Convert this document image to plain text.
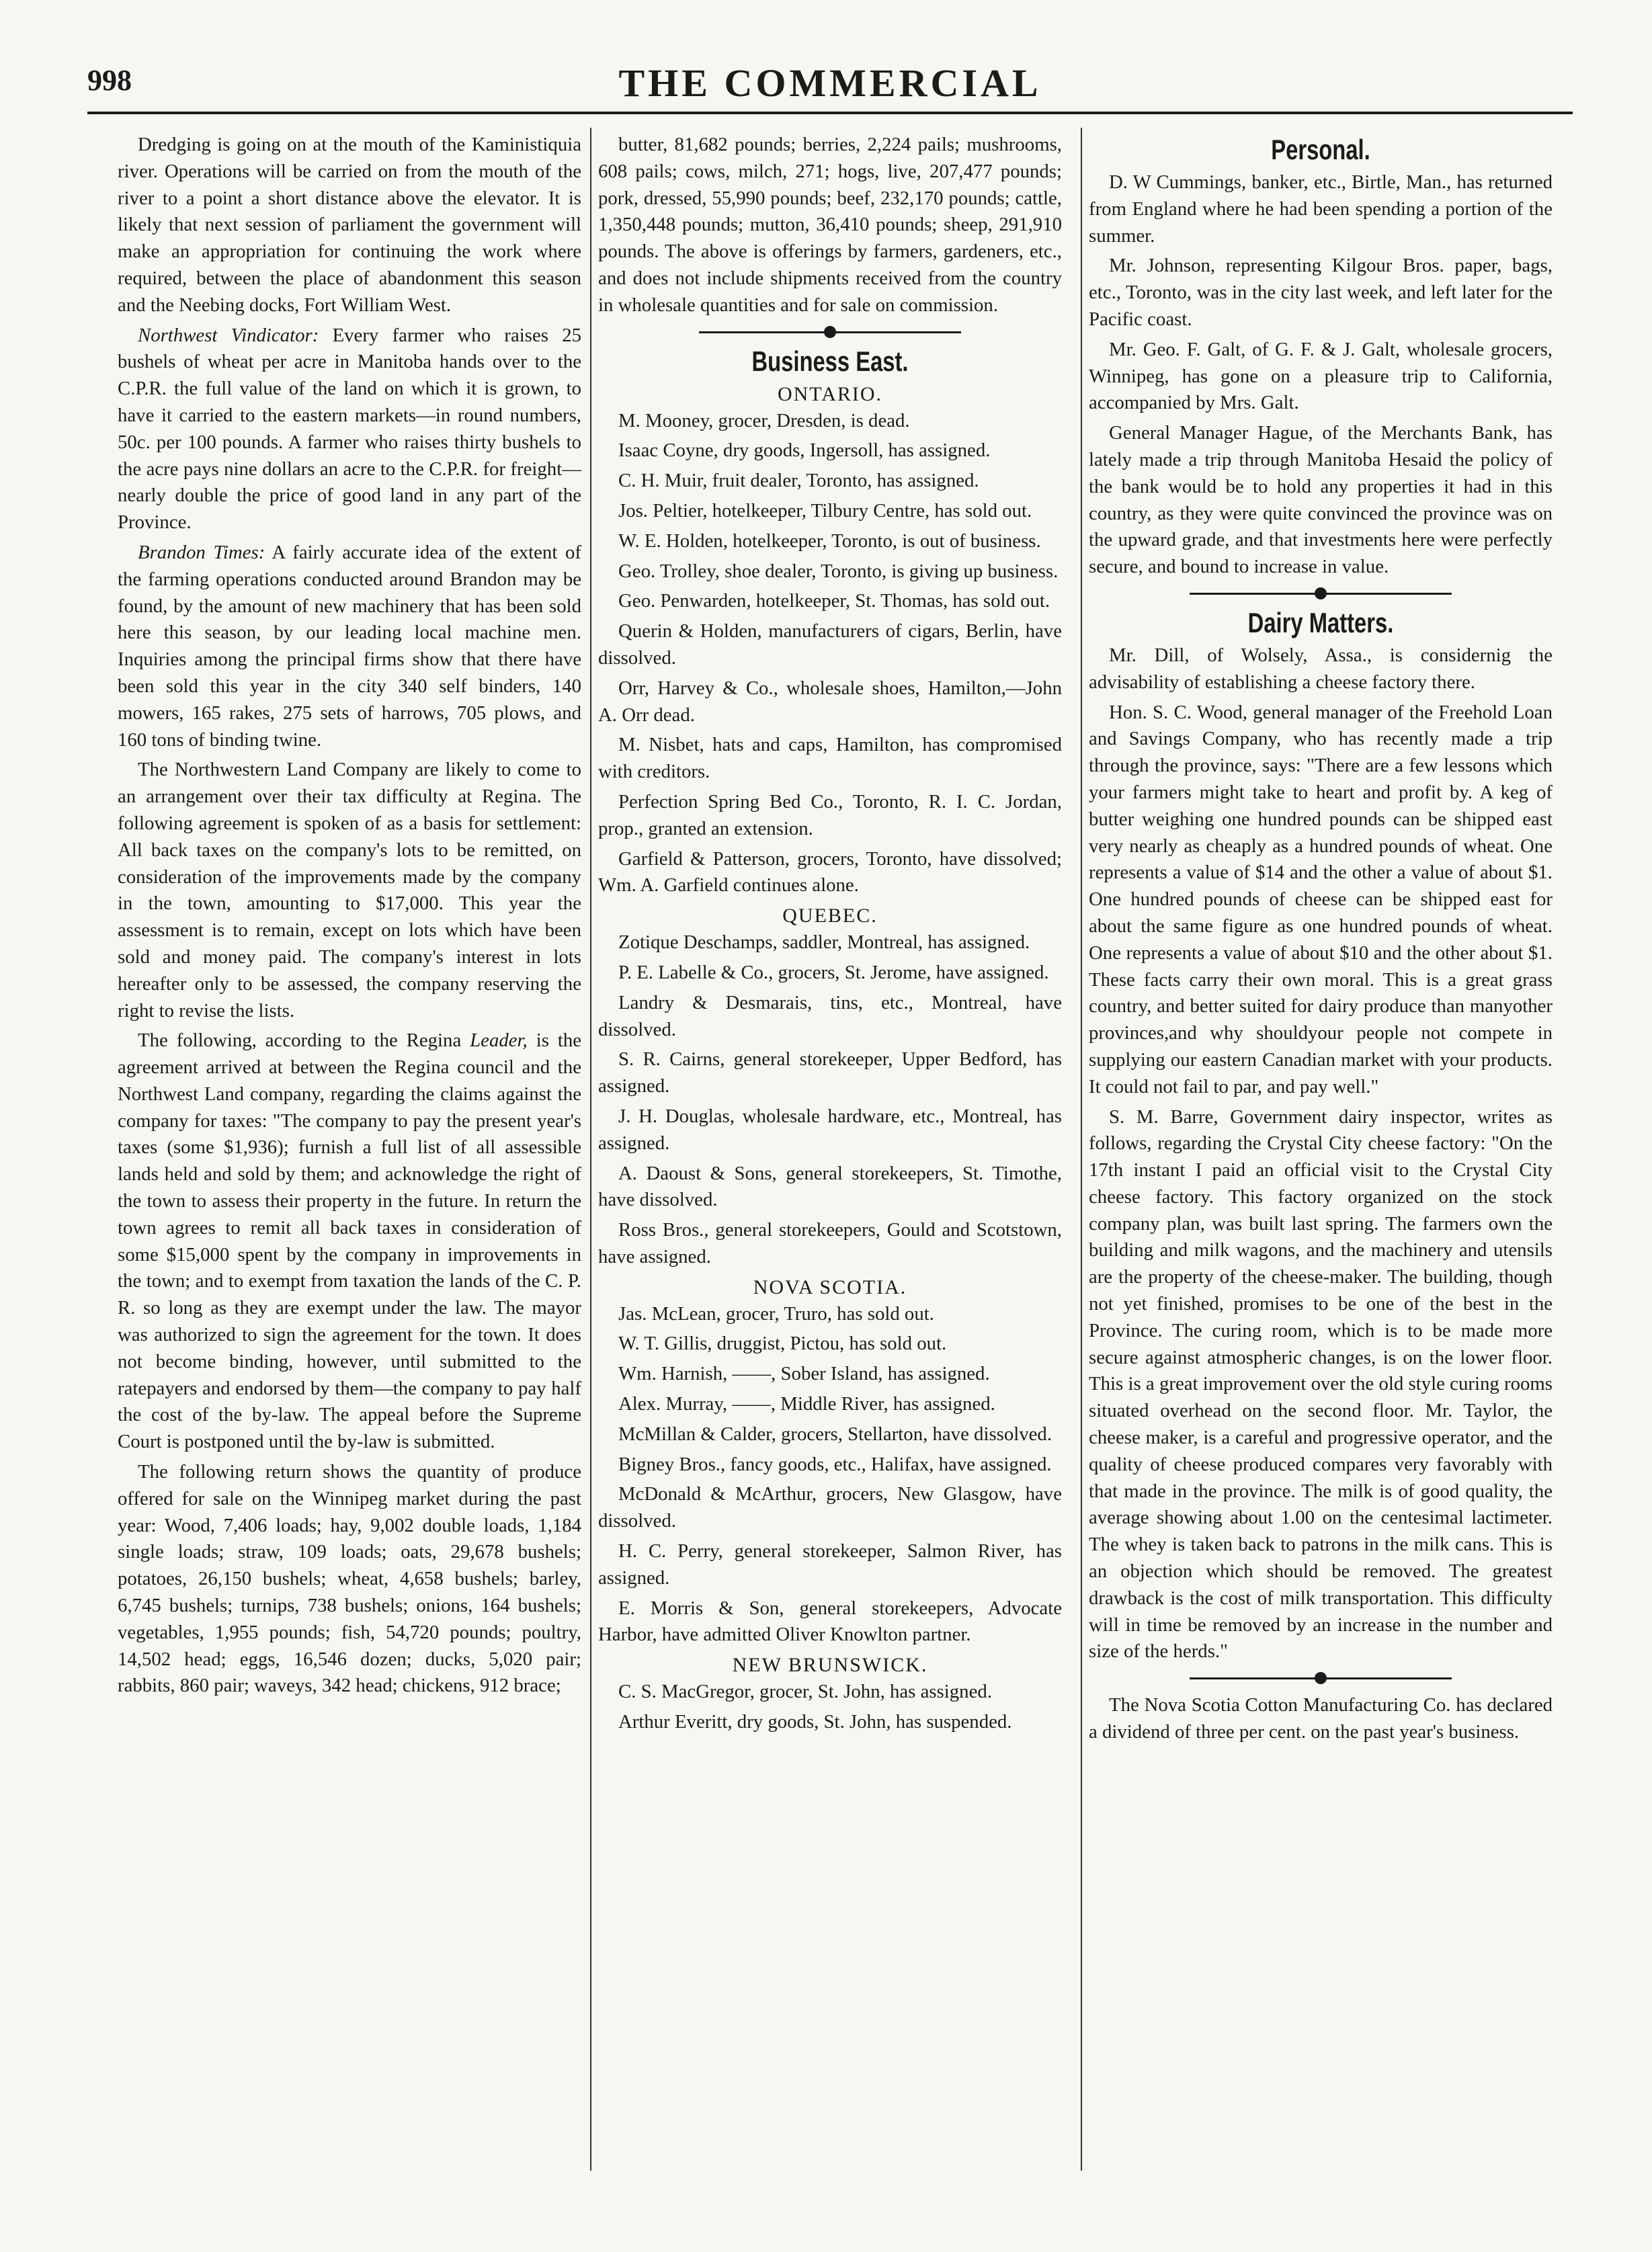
998	THE COMMERCIAL

Dredging is going on at the mouth of the Kaministiquia river. Operations will be carried on from the mouth of the river to a point a short distance above the elevator. It is likely that next session of parliament the government will make an appropriation for continuing the work where required, between the place of abandonment this season and the Neebing docks, Fort William West.

Northwest Vindicator: Every farmer who raises 25 bushels of wheat per acre in Manitoba hands over to the C.P.R. the full value of the land on which it is grown, to have it carried to the eastern markets—in round numbers, 50c. per 100 pounds. A farmer who raises thirty bushels to the acre pays nine dollars an acre to the C.P.R. for freight—nearly double the price of good land in any part of the Province.

Brandon Times: A fairly accurate idea of the extent of the farming operations conducted around Brandon may be found, by the amount of new machinery that has been sold here this season, by our leading local machine men. Inquiries among the principal firms show that there have been sold this year in the city 340 self binders, 140 mowers, 165 rakes, 275 sets of harrows, 705 plows, and 160 tons of binding twine.

The Northwestern Land Company are likely to come to an arrangement over their tax difficulty at Regina. The following agreement is spoken of as a basis for settlement: All back taxes on the company's lots to be remitted, on consideration of the improvements made by the company in the town, amounting to $17,000. This year the assessment is to remain, except on lots which have been sold and money paid. The company's interest in lots hereafter only to be assessed, the company reserving the right to revise the lists.

The following, according to the Regina Leader, is the agreement arrived at between the Regina council and the Northwest Land company, regarding the claims against the company for taxes: "The company to pay the present year's taxes (some $1,936); furnish a full list of all assessible lands held and sold by them; and acknowledge the right of the town to assess their property in the future. In return the town agrees to remit all back taxes in consideration of some $15,000 spent by the company in improvements in the town; and to exempt from taxation the lands of the C. P. R. so long as they are exempt under the law. The mayor was authorized to sign the agreement for the town. It does not become binding, however, until submitted to the ratepayers and endorsed by them—the company to pay half the cost of the by-law. The appeal before the Supreme Court is postponed until the by-law is submitted.

The following return shows the quantity of produce offered for sale on the Winnipeg market during the past year: Wood, 7,406 loads; hay, 9,002 double loads, 1,184 single loads; straw, 109 loads; oats, 29,678 bushels; potatoes, 26,150 bushels; wheat, 4,658 bushels; barley, 6,745 bushels; turnips, 738 bushels; onions, 164 bushels; vegetables, 1,955 pounds; fish, 54,720 pounds; poultry, 14,502 head; eggs, 16,546 dozen; ducks, 5,020 pair; rabbits, 860 pair; waveys, 342 head; chickens, 912 brace;

butter, 81,682 pounds; berries, 2,224 pails; mushrooms, 608 pails; cows, milch, 271; hogs, live, 207,477 pounds; pork, dressed, 55,990 pounds; beef, 232,170 pounds; cattle, 1,350,448 pounds; mutton, 36,410 pounds; sheep, 291,910 pounds. The above is offerings by farmers, gardeners, etc., and does not include shipments received from the country in wholesale quantities and for sale on commission.

Business East.
ONTARIO.

M. Mooney, grocer, Dresden, is dead.

Isaac Coyne, dry goods, Ingersoll, has assigned.

C. H. Muir, fruit dealer, Toronto, has assigned.

Jos. Peltier, hotelkeeper, Tilbury Centre, has sold out.

W. E. Holden, hotelkeeper, Toronto, is out of business.

Geo. Trolley, shoe dealer, Toronto, is giving up business.

Geo. Penwarden, hotelkeeper, St. Thomas, has sold out.

Querin & Holden, manufacturers of cigars, Berlin, have dissolved.

Orr, Harvey & Co., wholesale shoes, Hamilton,—John A. Orr dead.

M. Nisbet, hats and caps, Hamilton, has compromised with creditors.

Perfection Spring Bed Co., Toronto, R. I. C. Jordan, prop., granted an extension.

Garfield & Patterson, grocers, Toronto, have dissolved; Wm. A. Garfield continues alone.

QUEBEC.

Zotique Deschamps, saddler, Montreal, has assigned.

P. E. Labelle & Co., grocers, St. Jerome, have assigned.

Landry & Desmarais, tins, etc., Montreal, have dissolved.

S. R. Cairns, general storekeeper, Upper Bedford, has assigned.

J. H. Douglas, wholesale hardware, etc., Montreal, has assigned.

A. Daoust & Sons, general storekeepers, St. Timothe, have dissolved.

Ross Bros., general storekeepers, Gould and Scotstown, have assigned.

NOVA SCOTIA.

Jas. McLean, grocer, Truro, has sold out.

W. T. Gillis, druggist, Pictou, has sold out.

Wm. Harnish, ——, Sober Island, has assigned.

Alex. Murray, ——, Middle River, has assigned.

McMillan & Calder, grocers, Stellarton, have dissolved.

Bigney Bros., fancy goods, etc., Halifax, have assigned.

McDonald & McArthur, grocers, New Glasgow, have dissolved.

H. C. Perry, general storekeeper, Salmon River, has assigned.

E. Morris & Son, general storekeepers, Advocate Harbor, have admitted Oliver Knowlton partner.

NEW BRUNSWICK.

C. S. MacGregor, grocer, St. John, has assigned.

Arthur Everitt, dry goods, St. John, has suspended.

Personal.

D. W Cummings, banker, etc., Birtle, Man., has returned from England where he had been spending a portion of the summer.

Mr. Johnson, representing Kilgour Bros. paper, bags, etc., Toronto, was in the city last week, and left later for the Pacific coast.

Mr. Geo. F. Galt, of G. F. & J. Galt, wholesale grocers, Winnipeg, has gone on a pleasure trip to California, accompanied by Mrs. Galt.

General Manager Hague, of the Merchants Bank, has lately made a trip through Manitoba Hesaid the policy of the bank would be to hold any properties it had in this country, as they were quite convinced the province was on the upward grade, and that investments here were perfectly secure, and bound to increase in value.

Dairy Matters.

Mr. Dill, of Wolsely, Assa., is considernig the advisability of establishing a cheese factory there.

Hon. S. C. Wood, general manager of the Freehold Loan and Savings Company, who has recently made a trip through the province, says: "There are a few lessons which your farmers might take to heart and profit by. A keg of butter weighing one hundred pounds can be shipped east very nearly as cheaply as a hundred pounds of wheat. One represents a value of $14 and the other a value of about $1. One hundred pounds of cheese can be shipped east for about the same figure as one hundred pounds of wheat. One represents a value of about $10 and the other about $1. These facts carry their own moral. This is a great grass country, and better suited for dairy produce than manyother provinces,and why shouldyour people not compete in supplying our eastern Canadian market with your products. It could not fail to par, and pay well."

S. M. Barre, Government dairy inspector, writes as follows, regarding the Crystal City cheese factory: "On the 17th instant I paid an official visit to the Crystal City cheese factory. This factory organized on the stock company plan, was built last spring. The farmers own the building and milk wagons, and the machinery and utensils are the property of the cheese-maker. The building, though not yet finished, promises to be one of the best in the Province. The curing room, which is to be made more secure against atmospheric changes, is on the lower floor. This is a great improvement over the old style curing rooms situated overhead on the second floor. Mr. Taylor, the cheese maker, is a careful and progressive operator, and the quality of cheese produced compares very favorably with that made in the province. The milk is of good quality, the average showing about 1.00 on the centesimal lactimeter. The whey is taken back to patrons in the milk cans. This is an objection which should be removed. The greatest drawback is the cost of milk transportation. This difficulty will in time be removed by an increase in the number and size of the herds."

The Nova Scotia Cotton Manufacturing Co. has declared a dividend of three per cent. on the past year's business.
